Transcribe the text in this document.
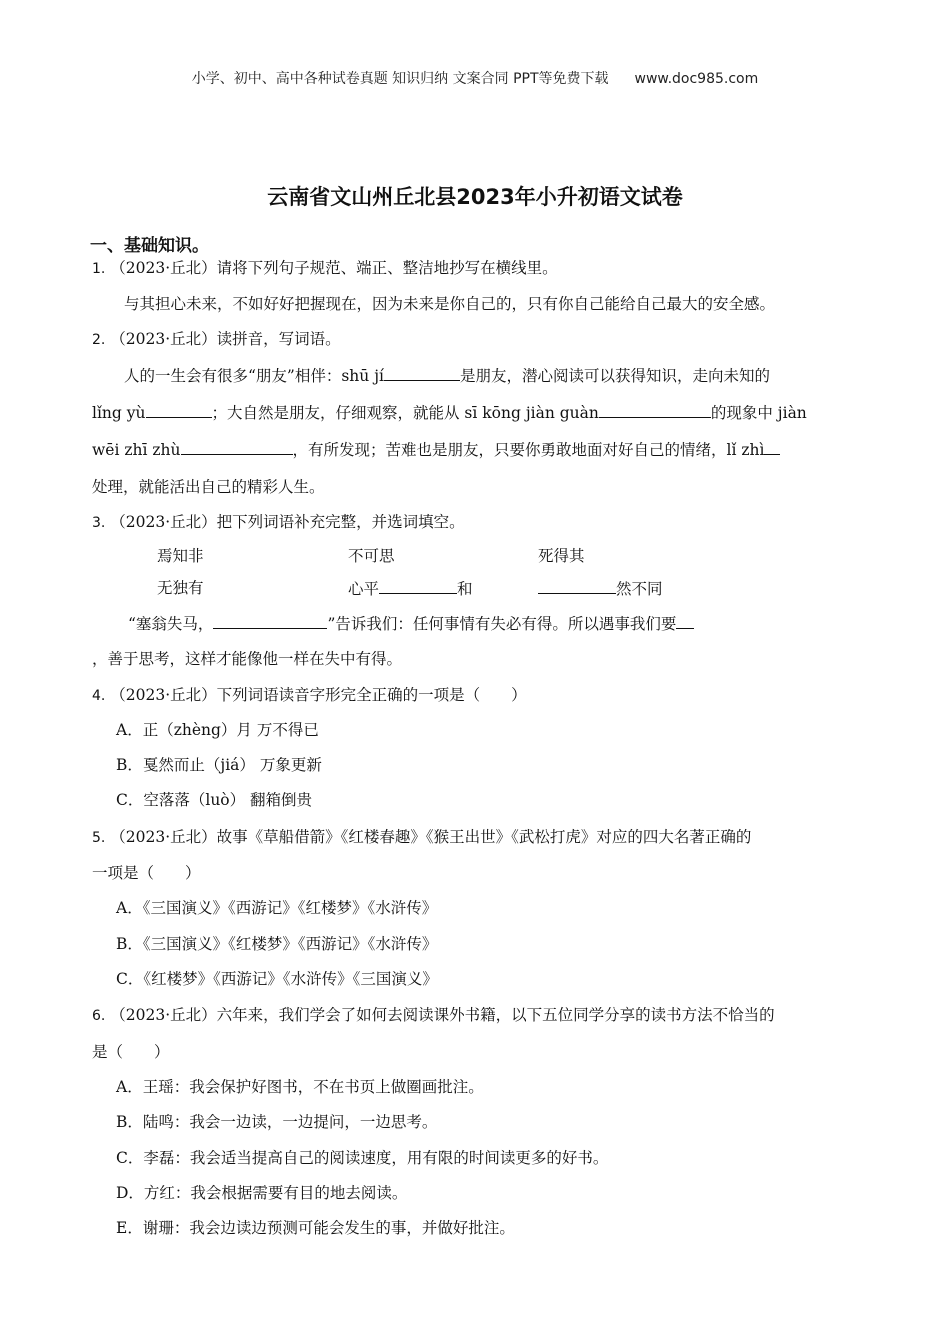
小学、初中、高中各种试卷真题 知识归纳 文案合同 PPT等免费下载 www.doc985.com
云南省文山州丘北县2023年小升初语文试卷
一、基础知识。
1. （2023·丘北）请将下列句子规范、端正、整洁地抄写在横线里。
与其担心未来，不如好好把握现在，因为未来是你自己的，只有你自己能给自己最大的安全感。
2. （2023·丘北）读拼音，写词语。
人的一生会有很多“朋友”相伴：shū jí	是朋友，潜心阅读可以获得知识，走向未知的
lǐng yù	；大自然是朋友，仔细观察，就能从 sī kōng jiàn guàn	的现象中 jiàn
wēi zhī zhù	，有所发现；苦难也是朋友，只要你勇敢地面对好自己的情绪，lǐ zhì
处理，就能活出自己的精彩人生。
3. （2023·丘北）把下列词语补充完整，并选词填空。
焉知非	不可思	死得其
无独有	心平	和	然不同
“塞翁失马，	”告诉我们：任何事情有失必有得。所以遇事我们要
，善于思考，这样才能像他一样在失中有得。
4. （2023·丘北）下列词语读音字形完全正确的一项是（　　）
A．正（zhèng）月 万不得已
B．戛然而止（jiá） 万象更新
C．空落落（luò） 翻箱倒贵
5. （2023·丘北）故事《草船借箭》《红楼春趣》《猴王出世》《武松打虎》对应的四大名著正确的
一项是（　　）
A．《三国演义》《西游记》《红楼梦》《水浒传》
B．《三国演义》《红楼梦》《西游记》《水浒传》
C．《红楼梦》《西游记》《水浒传》《三国演义》
6. （2023·丘北）六年来，我们学会了如何去阅读课外书籍，以下五位同学分享的读书方法不恰当的
是（　　）
A．王瑶：我会保护好图书，不在书页上做圈画批注。
B．陆鸣：我会一边读，一边提问，一边思考。
C．李磊：我会适当提高自己的阅读速度，用有限的时间读更多的好书。
D．方红：我会根据需要有目的地去阅读。
E．谢珊：我会边读边预测可能会发生的事，并做好批注。
